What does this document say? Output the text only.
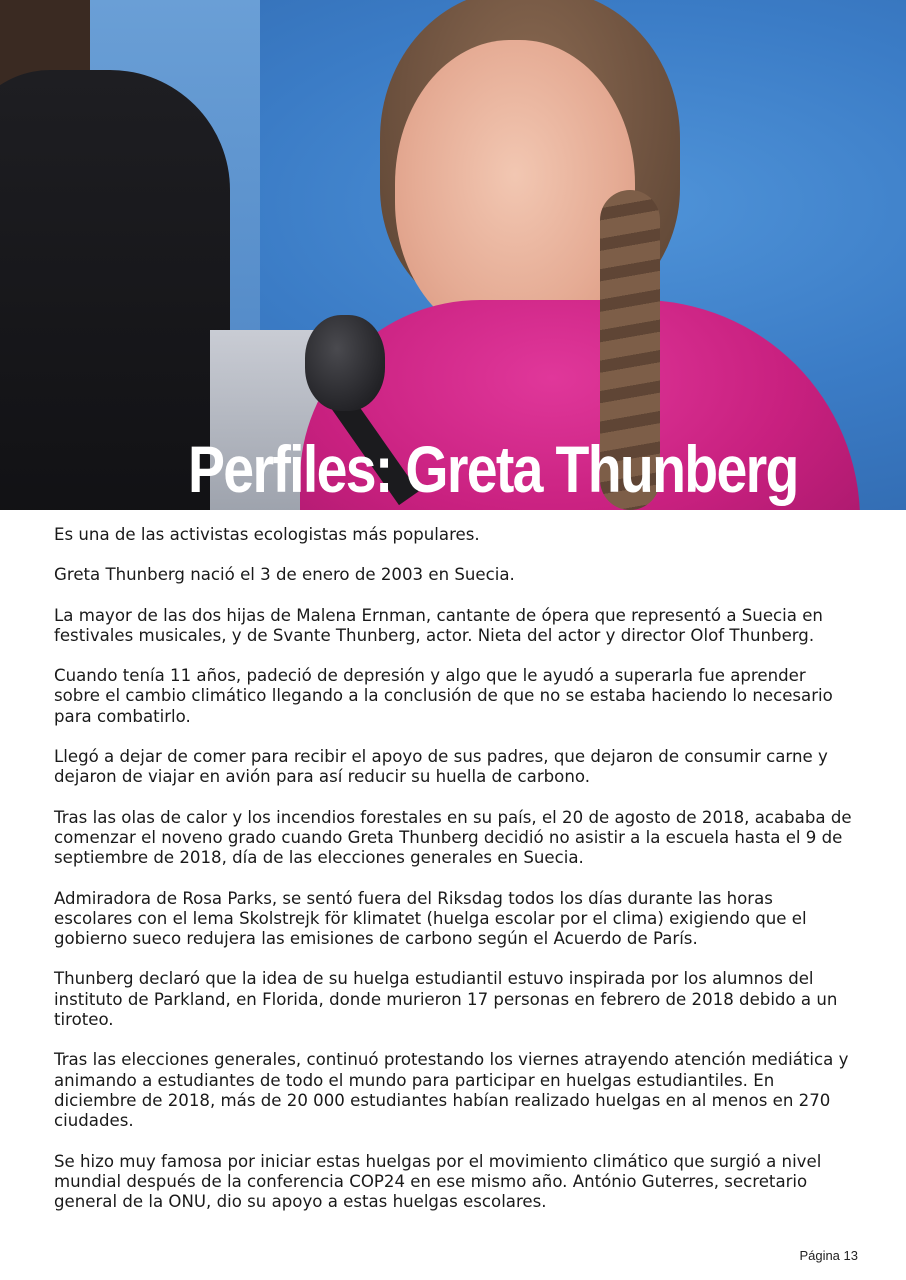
Perfiles: Greta Thunberg

Es una de las activistas ecologistas más populares.

Greta Thunberg nació el 3 de enero de 2003 en Suecia.

La mayor de las dos hijas de Malena Ernman, cantante de ópera que representó a Suecia en festivales musicales, y de Svante Thunberg, actor. Nieta del actor y director Olof Thunberg.

Cuando tenía 11 años, padeció de depresión y algo que le ayudó a superarla fue aprender sobre el cambio climático llegando a la conclusión de que no se estaba haciendo lo necesario para combatirlo.

Llegó a dejar de comer para recibir el apoyo de sus padres, que dejaron de consumir carne y dejaron de viajar en avión para así reducir su huella de carbono.

Tras las olas de calor y los incendios forestales en su país, el 20 de agosto de 2018, acababa de comenzar el noveno grado cuando Greta Thunberg decidió no asistir a la escuela hasta el 9 de septiembre de 2018, día de las elecciones generales en Suecia.

Admiradora de Rosa Parks, se sentó fuera del Riksdag todos los días durante las horas escolares con el lema Skolstrejk för klimatet (huelga escolar por el clima) exigiendo que el gobierno sueco redujera las emisiones de carbono según el Acuerdo de París.

Thunberg declaró que la idea de su huelga estudiantil estuvo inspirada por los alumnos del instituto de Parkland, en Florida, donde murieron 17 personas en febrero de 2018 debido a un tiroteo.

Tras las elecciones generales, continuó protestando los viernes atrayendo atención mediática y animando a estudiantes de todo el mundo para participar en huelgas estudiantiles. En diciembre de 2018, más de 20 000 estudiantes habían realizado huelgas en al menos en 270 ciudades.

Se hizo muy famosa por iniciar estas huelgas por el movimiento climático que surgió a nivel mundial después de la conferencia COP24 en ese mismo año. António Guterres, secretario general de la ONU, dio su apoyo a estas huelgas escolares.

Página 13
